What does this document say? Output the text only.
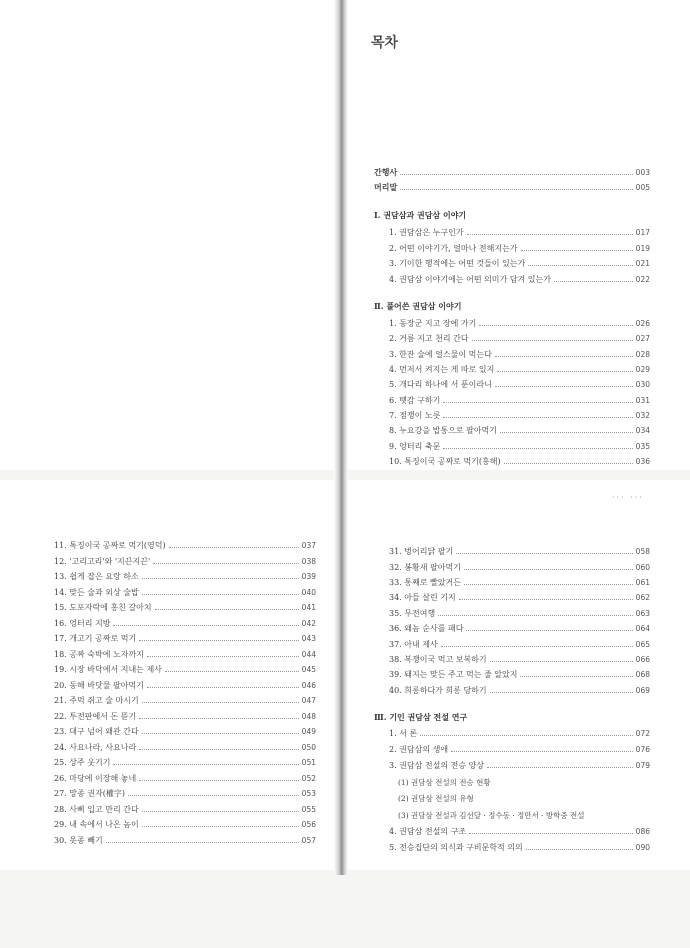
목차
간행사	003
머리말	005
Ⅰ. 권담삼과 권담삼 이야기
1. 권담삼은 누구인가	017
2. 어떤 이야기가, 얼마나 전해지는가	019
3. 기이한 행적에는 어떤 것들이 있는가	021
4. 권담삼 이야기에는 어떤 의미가 담겨 있는가	022
Ⅱ. 풀어쓴 권담삼 이야기
1. 동장군 지고 장에 가기	026
2. 거름 지고 천리 간다	027
3. 한잔 술에 얼스물이 먹는다	028
4. 먼저서 켜지는 게 따로 있지	029
5. 개다리 하나에 서 푼이라니	030
6. 뗏감 구하기	031
7. 점쟁이 노릇	032
8. 누요강을 밥통으로 팔아먹기	034
9. 엉터리 축문	035
10. 톡징이국 공짜로 먹기(홍해)	036
··· ···
11. 톡징이국 공짜로 먹기(영덕)	037
12. '고리고리'와 '지끈지끈'	038
13. 쉽게 잡은 요랑 하소	039
14. 맞든 술과 외상 술밥	040
15. 도포자락에 홍친 갈아치	041
16. 엉터리 지방	042
17. 개고기 공짜로 먹기	043
18. 공짜 숙박에 노자까지	044
19. 시장 바닥에서 지내는 제사	045
20. 동해 바닷물 팔아먹기	046
21. 주먹 쥐고 술 마시기	047
22. 투전판에서 돈 뜯기	048
23. 대구 넘어 왜관 간다	049
24. 사요나라, 사요나라	050
25. 상주 웃기기	051
26. 마당에 이장해 놓네	052
27. 망종 권자(權字)	053
28. 사삐 입고 만리 간다	055
29. 내 속에서 나온 놈이	056
30. 못종 빼기	057
31. 벙어리닭 팔기	058
32. 봉황새 팔아먹기	060
33. 통째로 빨았거든	061
34. 아들 살린 기지	062
35. 무전여행	063
36. 왜놈 순사를 패다	064
37. 아내 제사	065
38. 복쟁이국 먹고 보복하기	066
39. 돼지는 맞든 주고 먹는 줄 알았지	068
40. 희롱하다가 희롱 당하기	069
Ⅲ. 기인 권담삼 전설 연구
1. 서 론	072
2. 권담삼의 생애	076
3. 권담삼 전설의 전승 양상	079
(1) 권담삼 전설의 전승 현황
(2) 권담삼 전설의 유형
(3) 권담삼 전설과 김선달 · 정수동 · 정만서 · 방학중 전설
4. 권담삼 전설의 구조	086
5. 전승집단의 의식과 구비문학적 의의	090
